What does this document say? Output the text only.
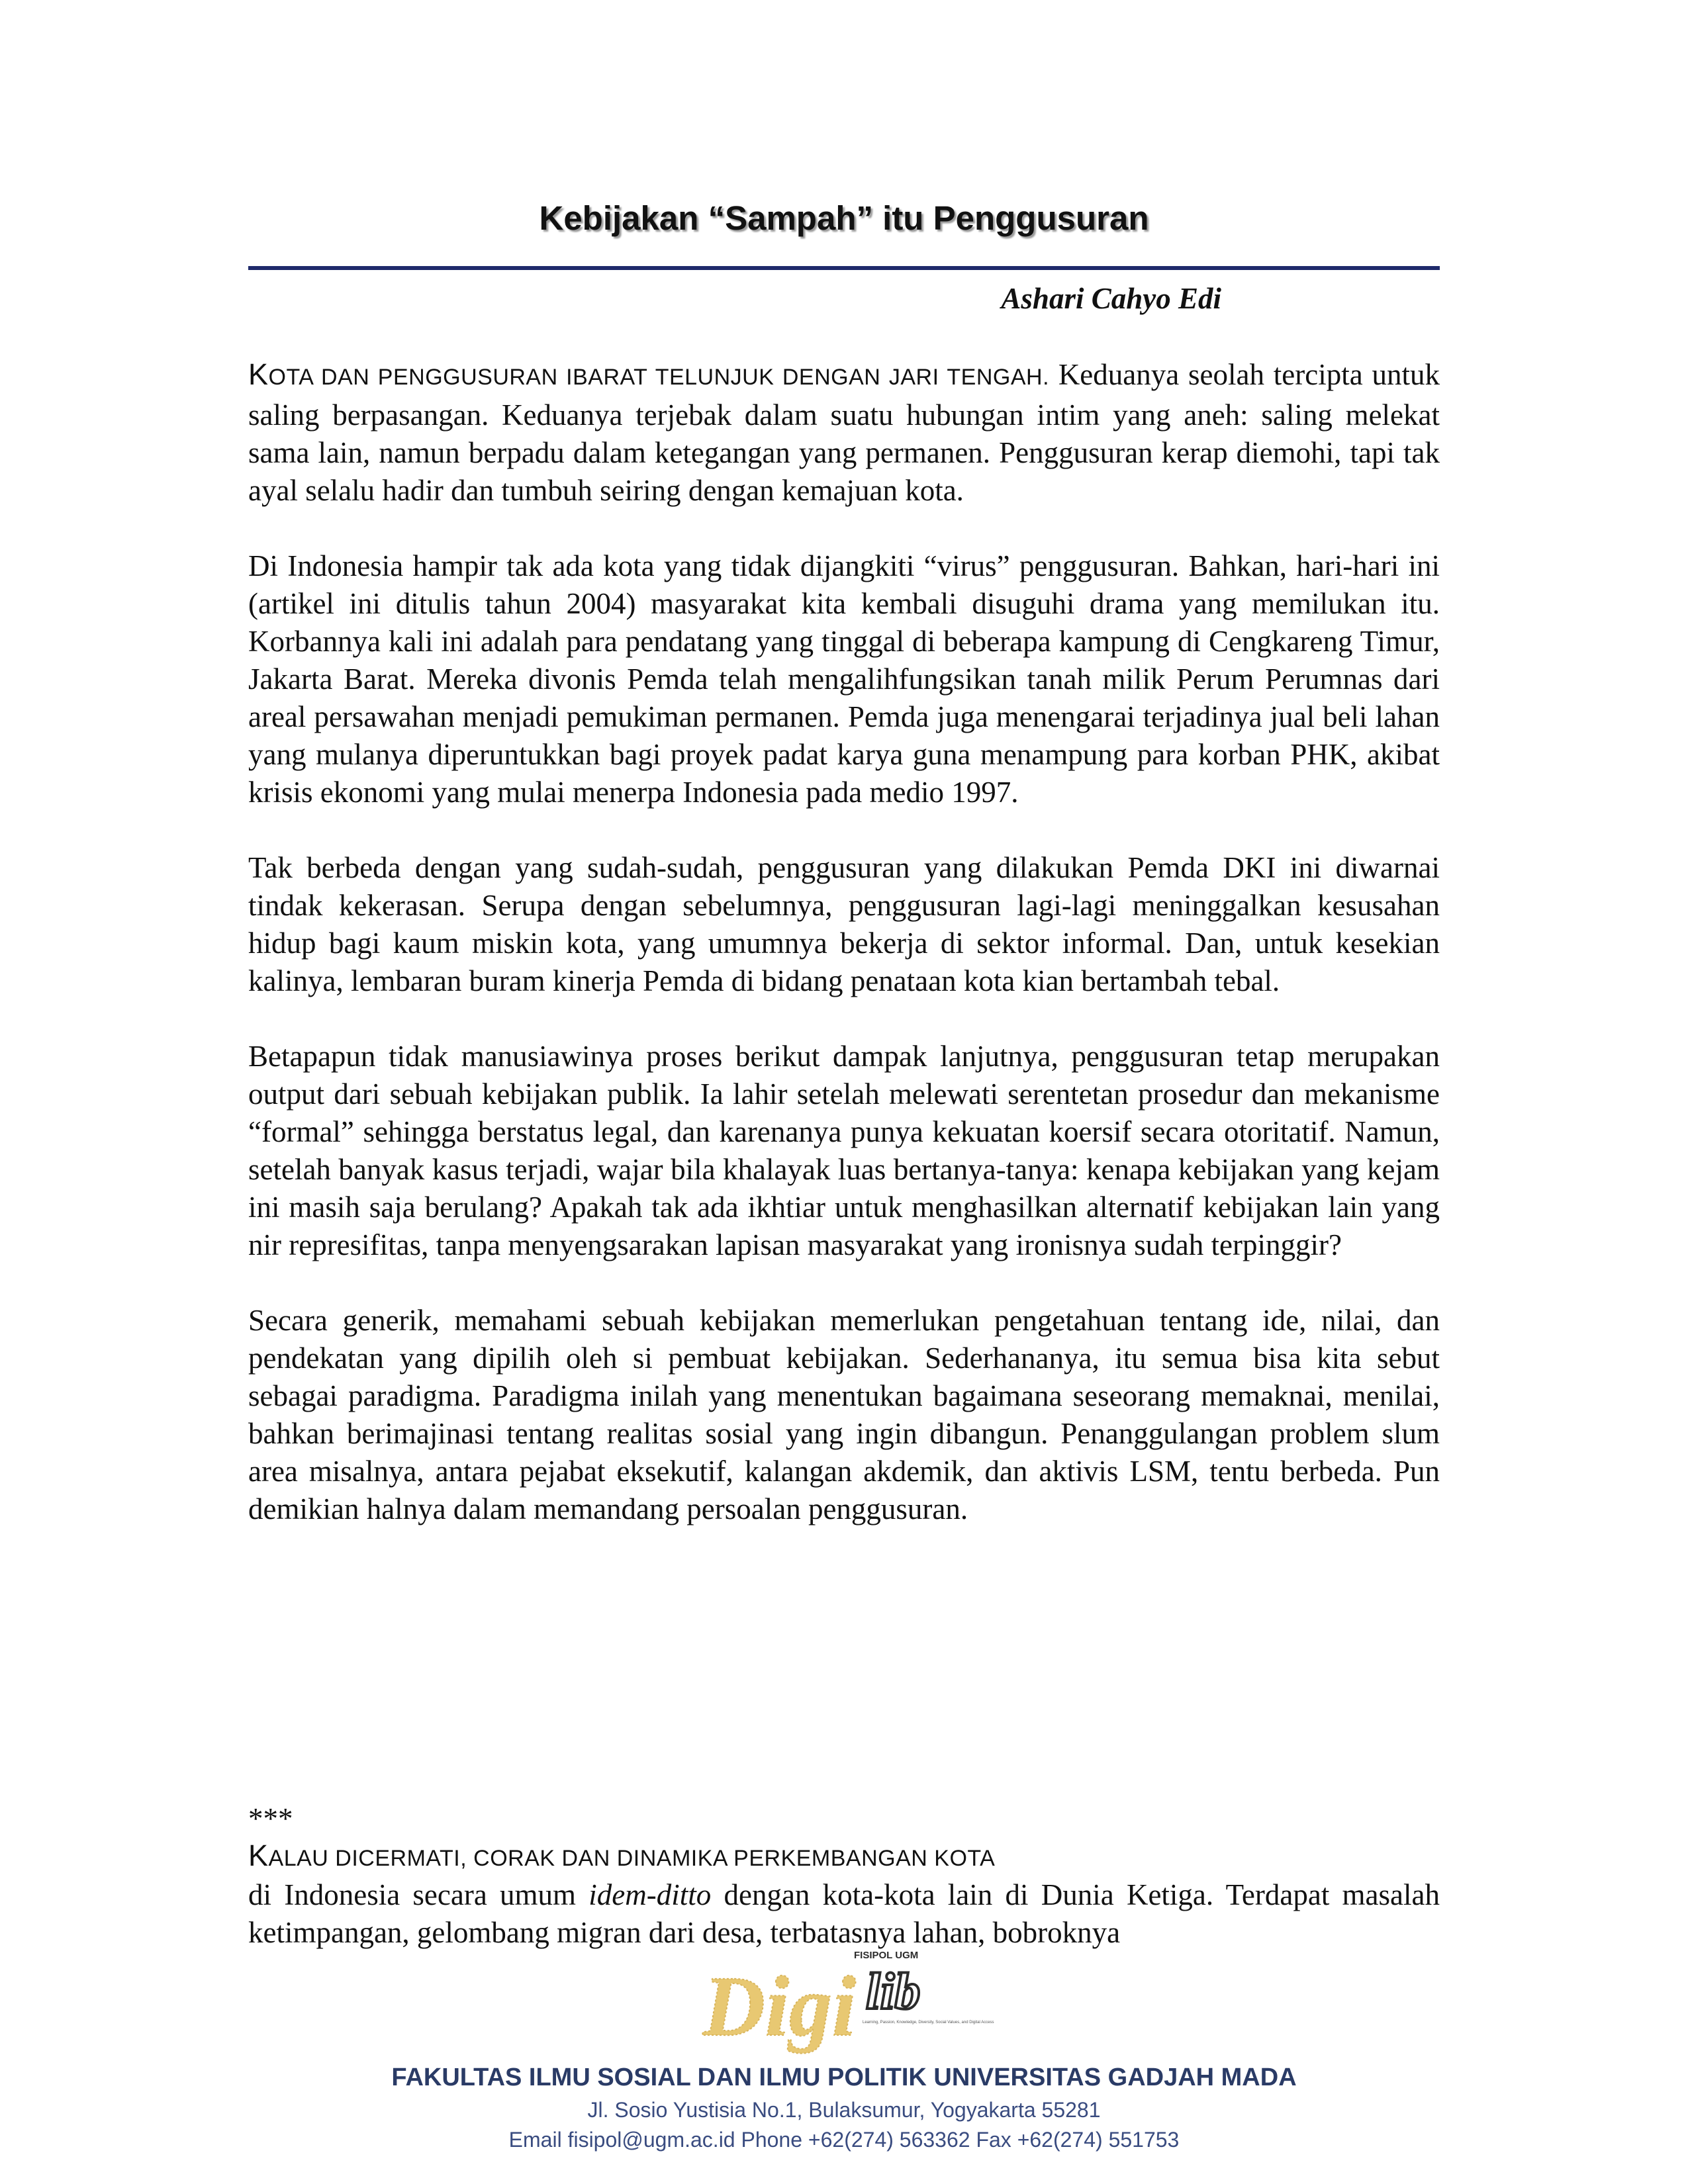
Kebijakan “Sampah” itu Penggusuran
Ashari Cahyo Edi

KOTA DAN PENGGUSURAN IBARAT TELUNJUK DENGAN JARI TENGAH. Keduanya seolah tercipta untuk saling berpasangan. Keduanya terjebak dalam suatu hubungan intim yang aneh: saling melekat sama lain, namun berpadu dalam ketegangan yang permanen. Penggusuran kerap diemohi, tapi tak ayal selalu hadir dan tumbuh seiring dengan kemajuan kota.

Di Indonesia hampir tak ada kota yang tidak dijangkiti “virus” penggusuran. Bahkan, hari-hari ini (artikel ini ditulis tahun 2004) masyarakat kita kembali disuguhi drama yang memilukan itu. Korbannya kali ini adalah para pendatang yang tinggal di beberapa kampung di Cengkareng Timur, Jakarta Barat. Mereka divonis Pemda telah mengalihfungsikan tanah milik Perum Perumnas dari areal persawahan menjadi pemukiman permanen. Pemda juga menengarai terjadinya jual beli lahan yang mulanya diperuntukkan bagi proyek padat karya guna menampung para korban PHK, akibat krisis ekonomi yang mulai menerpa Indonesia pada medio 1997.

Tak berbeda dengan yang sudah-sudah, penggusuran yang dilakukan Pemda DKI ini diwarnai tindak kekerasan. Serupa dengan sebelumnya, penggusuran lagi-lagi meninggalkan kesusahan hidup bagi kaum miskin kota, yang umumnya bekerja di sektor informal. Dan, untuk kesekian kalinya, lembaran buram kinerja Pemda di bidang penataan kota kian bertambah tebal.

Betapapun tidak manusiawinya proses berikut dampak lanjutnya, penggusuran tetap merupakan output dari sebuah kebijakan publik. Ia lahir setelah melewati serentetan prosedur dan mekanisme “formal” sehingga berstatus legal, dan karenanya punya kekuatan koersif secara otoritatif. Namun, setelah banyak kasus terjadi, wajar bila khalayak luas bertanya-tanya: kenapa kebijakan yang kejam ini masih saja berulang? Apakah tak ada ikhtiar untuk menghasilkan alternatif kebijakan lain yang nir represifitas, tanpa menyengsarakan lapisan masyarakat yang ironisnya sudah terpinggir?

Secara generik, memahami sebuah kebijakan memerlukan pengetahuan tentang ide, nilai, dan pendekatan yang dipilih oleh si pembuat kebijakan. Sederhananya, itu semua bisa kita sebut sebagai paradigma. Paradigma inilah yang menentukan bagaimana seseorang memaknai, menilai, bahkan berimajinasi tentang realitas sosial yang ingin dibangun. Penanggulangan problem slum area misalnya, antara pejabat eksekutif, kalangan akdemik, dan aktivis LSM, tentu berbeda. Pun demikian halnya dalam memandang persoalan penggusuran.

***
KALAU DICERMATI, CORAK DAN DINAMIKA PERKEMBANGAN KOTA

di Indonesia secara umum idem-ditto dengan kota-kota lain di Dunia Ketiga. Terdapat masalah ketimpangan, gelombang migran dari desa, terbatasnya lahan, bobroknya

FISIPOL UGM
Digi lib
Learning, Passion, Knowledge, Diversity, Social Values, and Digital Access
FAKULTAS ILMU SOSIAL DAN ILMU POLITIK UNIVERSITAS GADJAH MADA
Jl. Sosio Yustisia No.1, Bulaksumur, Yogyakarta 55281
Email fisipol@ugm.ac.id Phone +62(274) 563362 Fax +62(274) 551753
